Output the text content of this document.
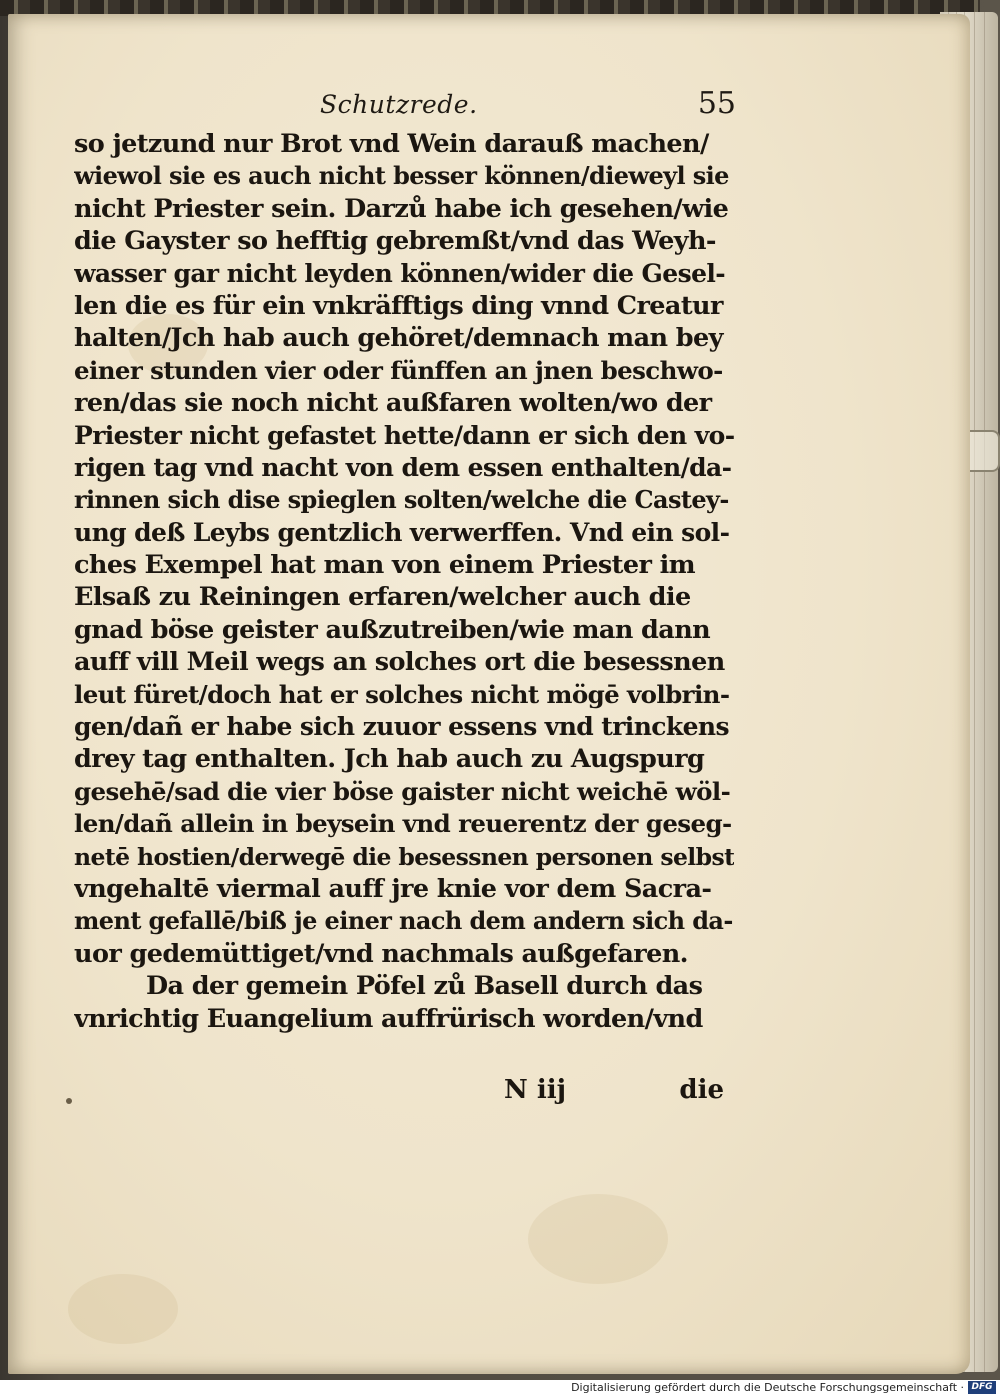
Schutzrede.	55
so jetzund nur Brot vnd Wein darauß machen/
wiewol sie es auch nicht besser können/dieweyl sie
nicht Priester sein. Darzů habe ich gesehen/wie
die Gayster so hefftig gebremßt/vnd das Weyh-
wasser gar nicht leyden können/wider die Gesel-
len die es für ein vnkräfftigs ding vnnd Creatur
halten/Jch hab auch gehöret/demnach man bey
einer stunden vier oder fünffen an jnen beschwo-
ren/das sie noch nicht außfaren wolten/wo der
Priester nicht gefastet hette/dann er sich den vo-
rigen tag vnd nacht von dem essen enthalten/da-
rinnen sich dise spieglen solten/welche die Castey-
ung deß Leybs gentzlich verwerffen. Vnd ein sol-
ches Exempel hat man von einem Priester im
Elsaß zu Reiningen erfaren/welcher auch die
gnad böse geister außzutreiben/wie man dann
auff vill Meil wegs an solches ort die besessnen
leut füret/doch hat er solches nicht mögē volbrin-
gen/dañ er habe sich zuuor essens vnd trinckens
drey tag enthalten. Jch hab auch zu Augspurg
gesehē/sad die vier böse gaister nicht weichē wöl-
len/dañ allein in beysein vnd reuerentz der geseg-
netē hostien/derwegē die besessnen personen selbst
vngehaltē viermal auff jre knie vor dem Sacra-
ment gefallē/biß je einer nach dem andern sich da-
uor gedemüttiget/vnd nachmals außgefaren.
Da der gemein Pöfel zů Basell durch das
vnrichtig Euangelium auffrürisch worden/vnd
N iij	die
Digitalisierung gefördert durch die Deutsche Forschungsgemeinschaft · DFG
